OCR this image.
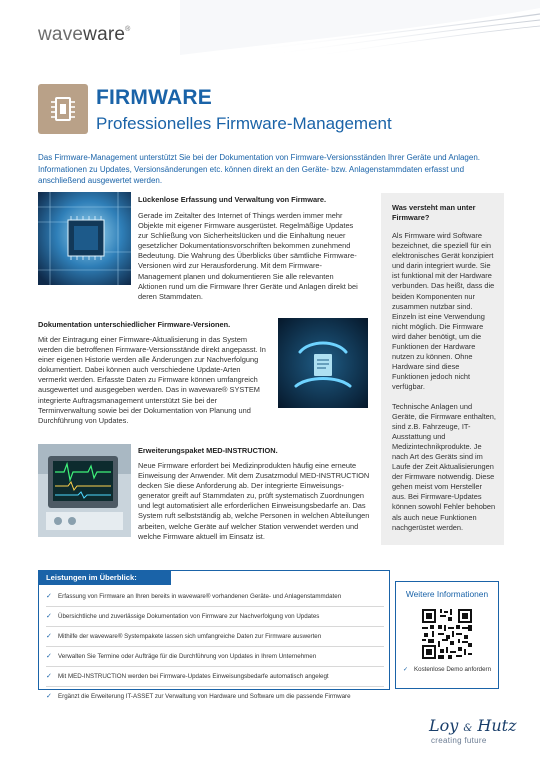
waveware®
FIRMWARE
Professionelles Firmware-Management

Das Firmware-Management unterstützt Sie bei der Dokumentation von Firmware-Versionsständen Ihrer Geräte und Anlagen. Informationen zu Updates, Versionsänderungen etc. können direkt an den Geräte- bzw. Anlagenstammdaten erfasst und anschließend ausgewertet werden.

Lückenlose Erfassung und Verwaltung von Firmware.

Gerade im Zeitalter des Internet of Things werden immer mehr Objekte mit eigener Firmware ausgerüstet. Regelmäßige Updates zur Schließung von Sicherheitslücken und die Einhaltung neuer gesetzlicher Dokumentationsvorschriften bekommen zunehmend Bedeutung. Die Wahrung des Überblicks über sämtliche Firmware-Versionen wird zur Herausforderung. Mit dem Firmware-Management planen und dokumentieren Sie alle relevanten Aktionen rund um die Firmware Ihrer Geräte und Anlagen direkt bei deren Stammdaten.

Dokumentation unterschiedlicher Firmware-Versionen.

Mit der Eintragung einer Firmware-Aktualisierung in das System werden die betroffenen Firmware-Versionsstände direkt angepasst. In einer eigenen Historie werden alle Änderungen zur Nachverfolgung dokumentiert. Dabei können auch verschiedene Update-Arten vermerkt werden. Erfasste Daten zu Firmware können umfangreich ausgewertet und ausgegeben werden. Das in waveware® SYSTEM integrierte Auftragsmanagement unterstützt Sie bei der Terminverwaltung sowie bei der Dokumentation von Planung und Durchführung von Updates.

Erweiterungspaket MED-INSTRUCTION.

Neue Firmware erfordert bei Medizinprodukten häufig eine erneute Einweisung der Anwender. Mit dem Zusatzmodul MED-INSTRUCTION decken Sie diese Anforderung ab. Der integrierte Einweisungs-generator greift auf Stammdaten zu, prüft systematisch Zuordnungen und legt automatisiert alle erforderlichen Einweisungsbedarfe an. Das System ruft selbstständig ab, welche Personen in welchen Abteilungen arbeiten, welche Geräte auf welcher Station verwendet werden und welche Firmware aktuell im Einsatz ist.

Was versteht man unter Firmware?

Als Firmware wird Software bezeichnet, die speziell für ein elektronisches Gerät konzipiert und darin integriert wurde. Sie ist funktional mit der Hardware verbunden. Das heißt, dass die beiden Komponenten nur zusammen nutzbar sind. Einzeln ist eine Verwendung nicht möglich. Die Firmware wird daher benötigt, um die Funktionen der Hardware nutzen zu können. Ohne Hardware sind diese Funktionen jedoch nicht verfügbar.

Technische Anlagen und Geräte, die Firmware enthalten, sind z.B. Fahrzeuge, IT-Ausstattung und Medizintechnikprodukte. Je nach Art des Geräts sind im Laufe der Zeit Aktualisierungen der Firmware notwendig. Diese gehen meist vom Hersteller aus. Bei Firmware-Updates können sowohl Fehler behoben als auch neue Funktionen nachgerüstet werden.

Leistungen im Überblick:
✓ Erfassung von Firmware an Ihren bereits in waveware® vorhandenen Geräte- und Anlagenstammdaten
✓ Übersichtliche und zuverlässige Dokumentation von Firmware zur Nachverfolgung von Updates
✓ Mithilfe der waveware® Systempakete lassen sich umfangreiche Daten zur Firmware auswerten
✓ Verwalten Sie Termine oder Aufträge für die Durchführung von Updates in Ihrem Unternehmen
✓ Mit MED-INSTRUCTION werden bei Firmware-Updates Einweisungsbedarfe automatisch angelegt
✓ Ergänzt die Erweiterung IT-ASSET zur Verwaltung von Hardware und Software um die passende Firmware
Weitere Informationen
✓ Kostenlose Demo anfordern
Loy & Hutz
creating future
